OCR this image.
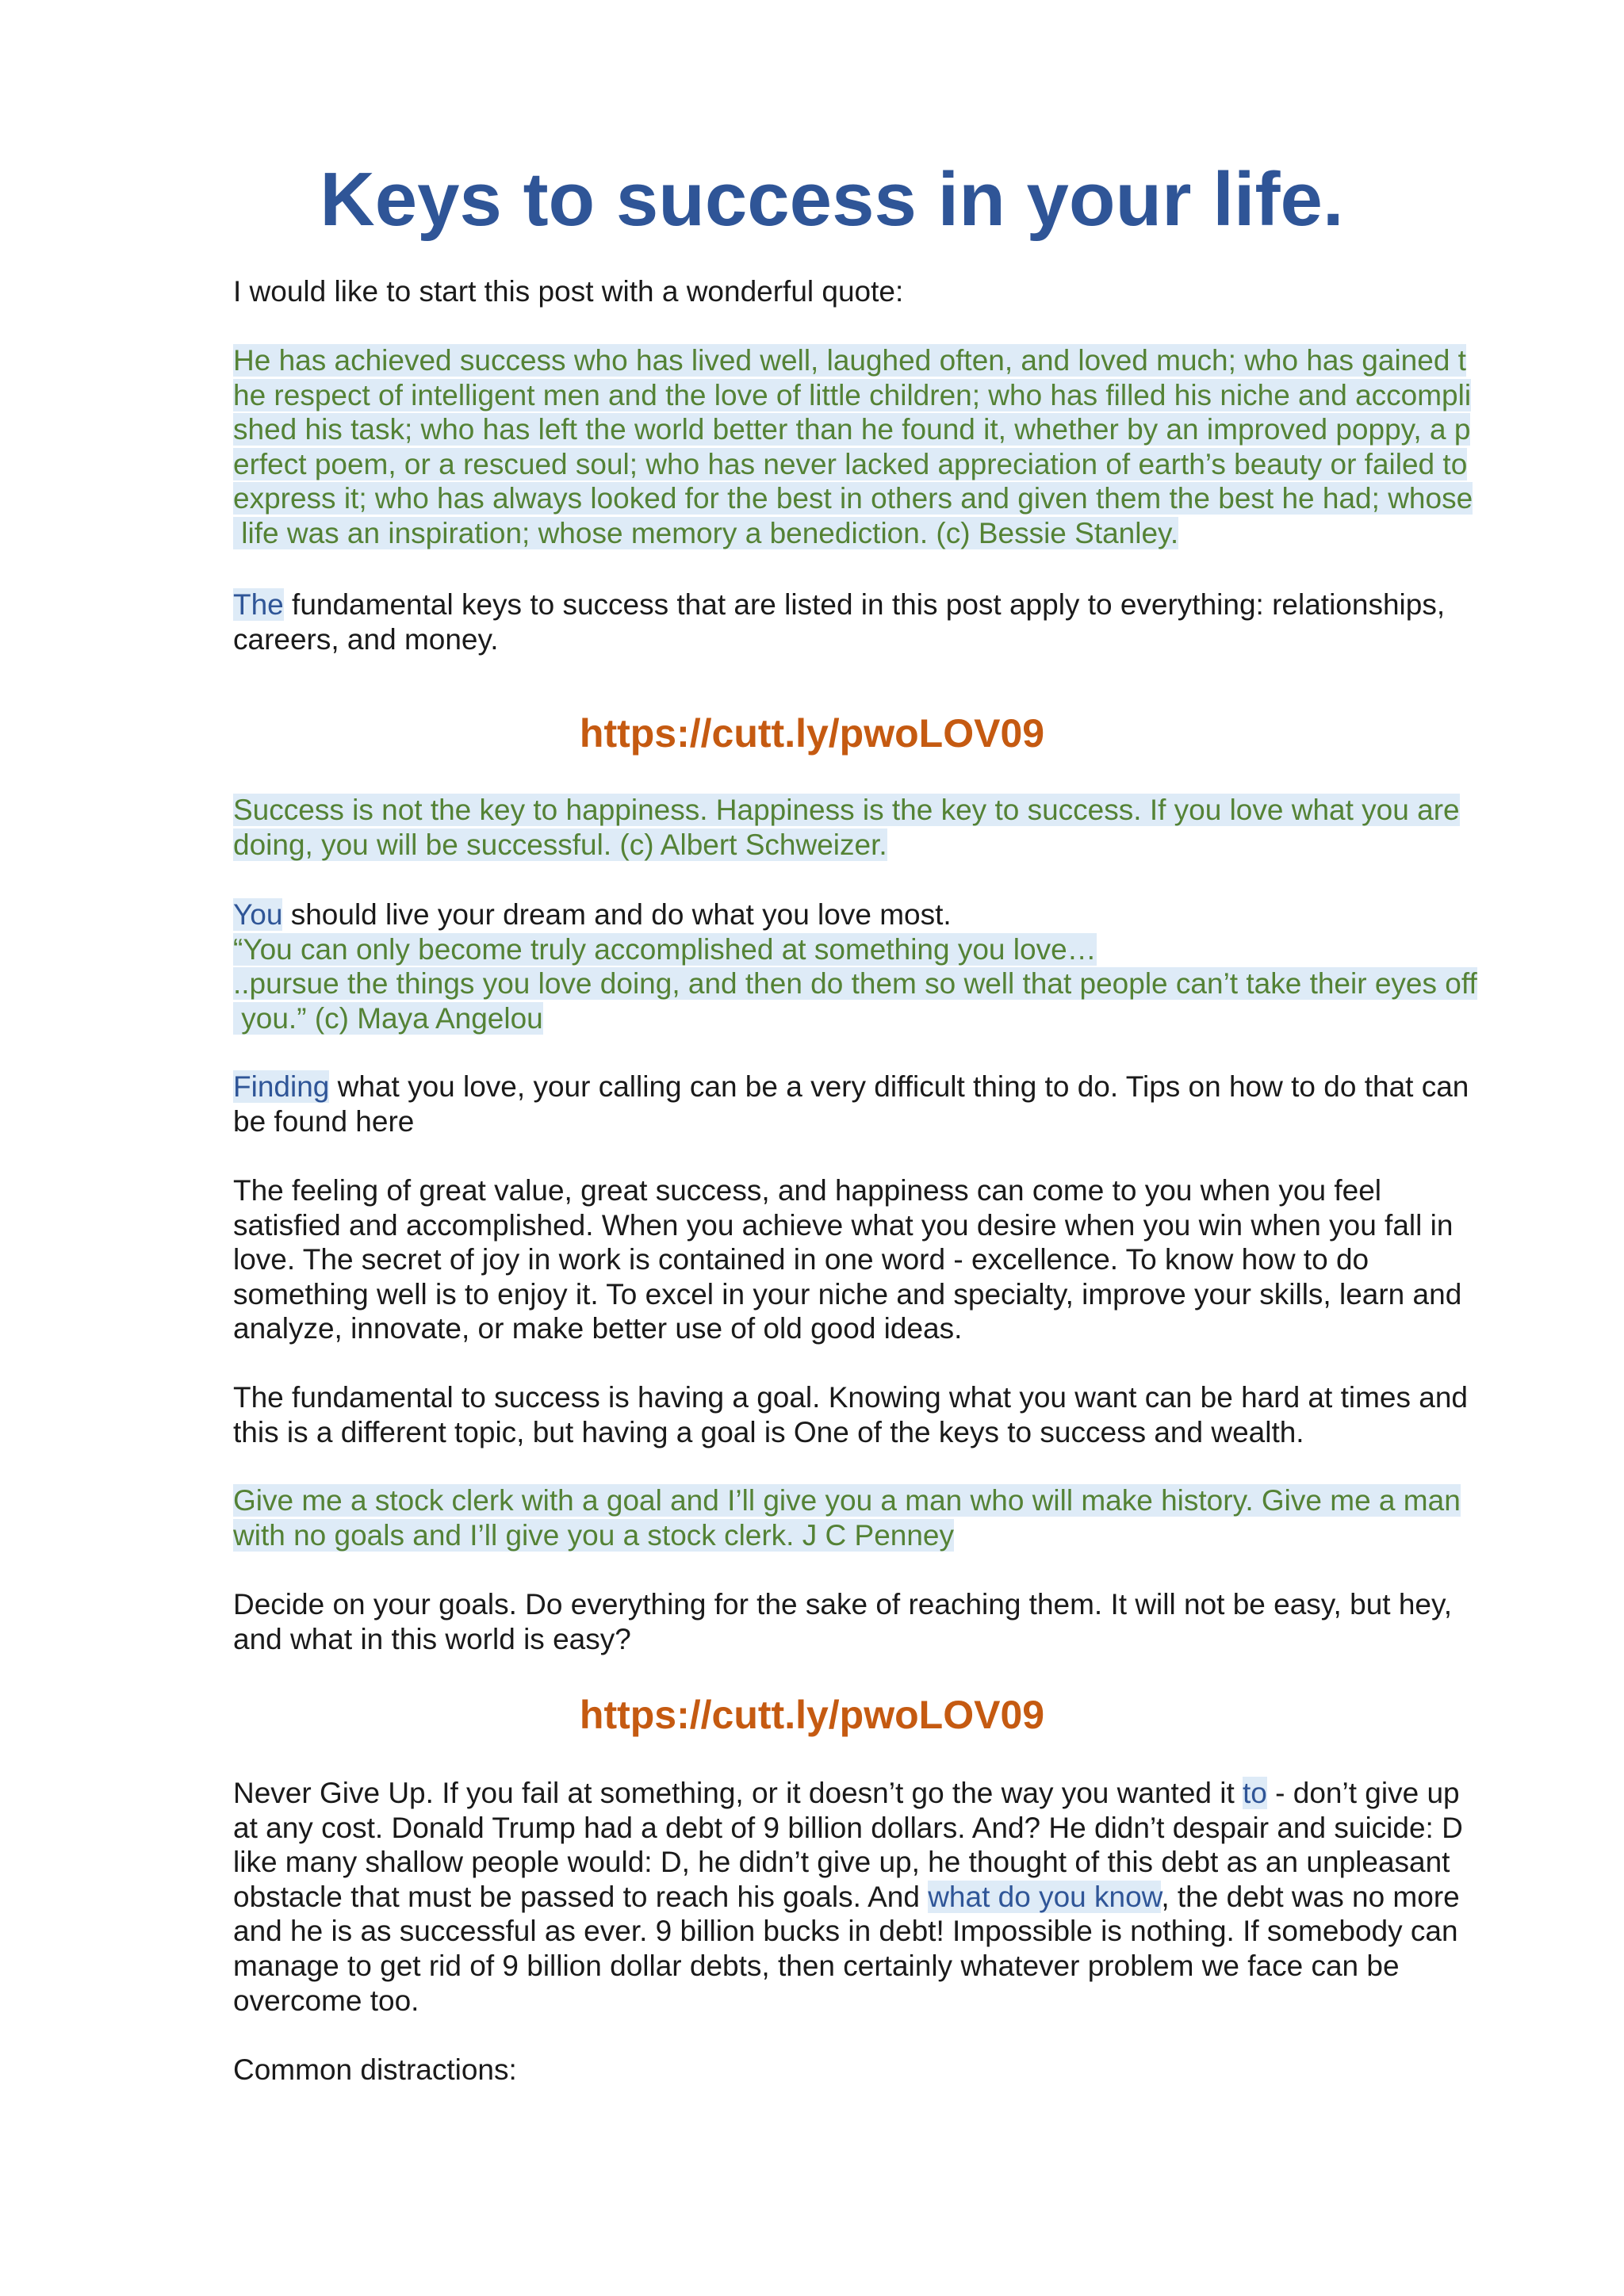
Keys to success in your life.

I would like to start this post with a wonderful quote:

He has achieved success who has lived well, laughed often, and loved much; who has gained t
he respect of intelligent men and the love of little children; who has filled his niche and accompli
shed his task; who has left the world better than he found it, whether by an improved poppy, a p
erfect poem, or a rescued soul; who has never lacked appreciation of earth’s beauty or failed to
express it; who has always looked for the best in others and given them the best he had; whose
life was an inspiration; whose memory a benediction. (c) Bessie Stanley.

The fundamental keys to success that are listed in this post apply to everything: relationships,
careers, and money.

https://cutt.ly/pwoLOV09

Success is not the key to happiness. Happiness is the key to success. If you love what you are
doing, you will be successful. (c) Albert Schweizer.

You should live your dream and do what you love most.
“You can only become truly accomplished at something you love…
..pursue the things you love doing, and then do them so well that people can’t take their eyes off
you.” (c) Maya Angelou

Finding what you love, your calling can be a very difficult thing to do. Tips on how to do that can
be found here

The feeling of great value, great success, and happiness can come to you when you feel
satisfied and accomplished. When you achieve what you desire when you win when you fall in
love. The secret of joy in work is contained in one word - excellence. To know how to do
something well is to enjoy it. To excel in your niche and specialty, improve your skills, learn and
analyze, innovate, or make better use of old good ideas.

The fundamental to success is having a goal. Knowing what you want can be hard at times and
this is a different topic, but having a goal is One of the keys to success and wealth.

Give me a stock clerk with a goal and I’ll give you a man who will make history. Give me a man
with no goals and I’ll give you a stock clerk. J C Penney

Decide on your goals. Do everything for the sake of reaching them. It will not be easy, but hey,
and what in this world is easy?

https://cutt.ly/pwoLOV09

Never Give Up. If you fail at something, or it doesn’t go the way you wanted it to - don’t give up
at any cost. Donald Trump had a debt of 9 billion dollars. And? He didn’t despair and suicide: D
like many shallow people would: D, he didn’t give up, he thought of this debt as an unpleasant
obstacle that must be passed to reach his goals. And what do you know, the debt was no more
and he is as successful as ever. 9 billion bucks in debt! Impossible is nothing. If somebody can
manage to get rid of 9 billion dollar debts, then certainly whatever problem we face can be
overcome too.

Common distractions:
